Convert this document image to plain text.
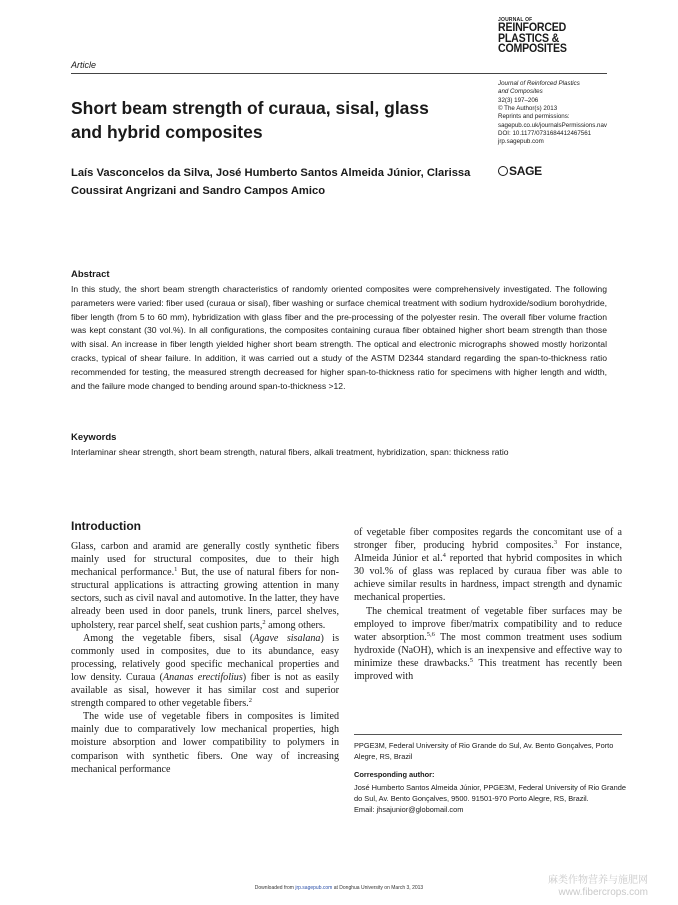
Article
JOURNAL OF
REINFORCED
PLASTICS &
COMPOSITES
Journal of Reinforced Plastics
and Composites
32(3) 197–206
© The Author(s) 2013
Reprints and permissions:
sagepub.co.uk/journalsPermissions.nav
DOI: 10.1177/0731684412467561
jrp.sagepub.com
SAGE
Short beam strength of curaua, sisal, glass and hybrid composites
Laís Vasconcelos da Silva, José Humberto Santos Almeida Júnior, Clarissa Coussirat Angrizani and Sandro Campos Amico
Abstract
In this study, the short beam strength characteristics of randomly oriented composites were comprehensively investigated. The following parameters were varied: fiber used (curaua or sisal), fiber washing or surface chemical treatment with sodium hydroxide/sodium borohydride, fiber length (from 5 to 60 mm), hybridization with glass fiber and the pre-processing of the polyester resin. The overall fiber volume fraction was kept constant (30 vol.%). In all configurations, the composites containing curaua fiber obtained higher short beam strength than those with sisal. An increase in fiber length yielded higher short beam strength. The optical and electronic micrographs showed mostly horizontal cracks, typical of shear failure. In addition, it was carried out a study of the ASTM D2344 standard regarding the span-to-thickness ratio recommended for testing, the measured strength decreased for higher span-to-thickness ratio for specimens with higher length and width, and the failure mode changed to bending around span-to-thickness >12.
Keywords
Interlaminar shear strength, short beam strength, natural fibers, alkali treatment, hybridization, span: thickness ratio
Introduction

Glass, carbon and aramid are generally costly synthetic fibers mainly used for structural composites, due to their high mechanical performance.$^1$ But, the use of natural fibers for non-structural applications is attracting growing attention in many sectors, such as civil naval and automotive. In the latter, they have already been used in door panels, trunk liners, parcel shelves, upholstery, rear parcel shelf, seat cushion parts,$^2$ among others.

Among the vegetable fibers, sisal (Agave sisalana) is commonly used in composites, due to its abundance, easy processing, relatively good specific mechanical properties and low density. Curaua (Ananas erectifolius) fiber is not as easily available as sisal, however it has similar cost and superior strength compared to other vegetable fibers.$^2$

The wide use of vegetable fibers in composites is limited mainly due to comparatively low mechanical properties, high moisture absorption and lower compatibility to polymers in comparison with synthetic fibers. One way of increasing mechanical performance

of vegetable fiber composites regards the concomitant use of a stronger fiber, producing hybrid composites.$^3$ For instance, Almeida Júnior et al.$^4$ reported that hybrid composites in which 30 vol.% of glass was replaced by curaua fiber was able to achieve similar results in hardness, impact strength and dynamic mechanical properties.

The chemical treatment of vegetable fiber surfaces may be employed to improve fiber/matrix compatibility and to reduce water absorption.$^{5,6}$ The most common treatment uses sodium hydroxide (NaOH), which is an inexpensive and effective way to minimize these drawbacks.$^5$ This treatment has recently been improved with

PPGE3M, Federal University of Rio Grande do Sul, Av. Bento Gonçalves, Porto Alegre, RS, Brazil
Corresponding author:
José Humberto Santos Almeida Júnior, PPGE3M, Federal University of Rio Grande do Sul, Av. Bento Gonçalves, 9500. 91501-970 Porto Alegre, RS, Brazil.
Email: jhsajunior@globomail.com
Downloaded from jrp.sagepub.com at Donghua University on March 3, 2013
麻类作物营养与施肥网
www.fibercrops.com
